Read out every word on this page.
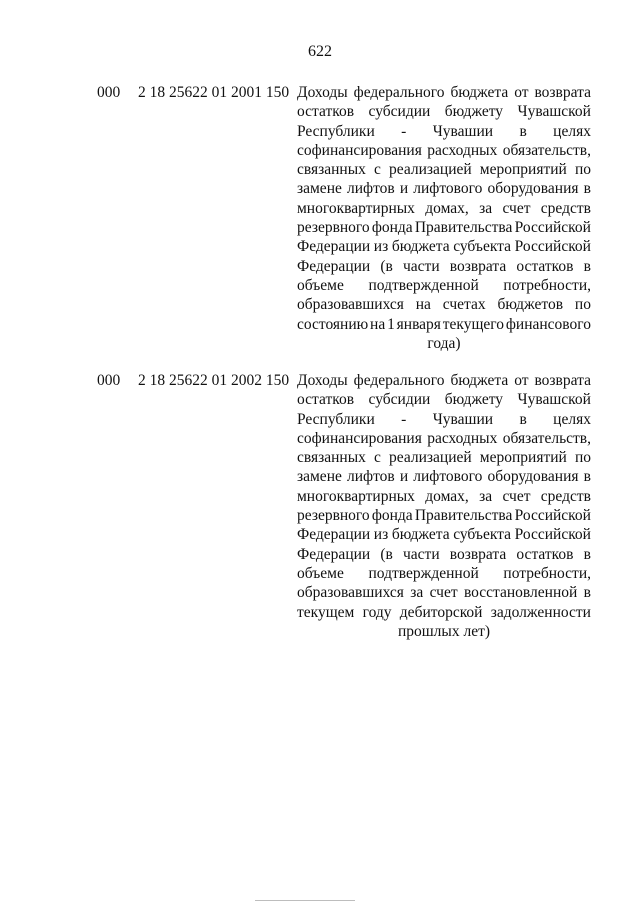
622
000 2 18 25622 01 2001 150 Доходы федерального бюджета от возврата
остатков субсидии бюджету Чувашской
Республики - Чувашии в целях
софинансирования расходных обязательств,
связанных с реализацией мероприятий по
замене лифтов и лифтового оборудования в
многоквартирных домах, за счет средств
резервного фонда Правительства Российской
Федерации из бюджета субъекта Российской
Федерации (в части возврата остатков в
объеме подтвержденной потребности,
образовавшихся на счетах бюджетов по
состоянию на 1 января текущего финансового
года)
000 2 18 25622 01 2002 150 Доходы федерального бюджета от возврата
остатков субсидии бюджету Чувашской
Республики - Чувашии в целях
софинансирования расходных обязательств,
связанных с реализацией мероприятий по
замене лифтов и лифтового оборудования в
многоквартирных домах, за счет средств
резервного фонда Правительства Российской
Федерации из бюджета субъекта Российской
Федерации (в части возврата остатков в
объеме подтвержденной потребности,
образовавшихся за счет восстановленной в
текущем году дебиторской задолженности
прошлых лет)
